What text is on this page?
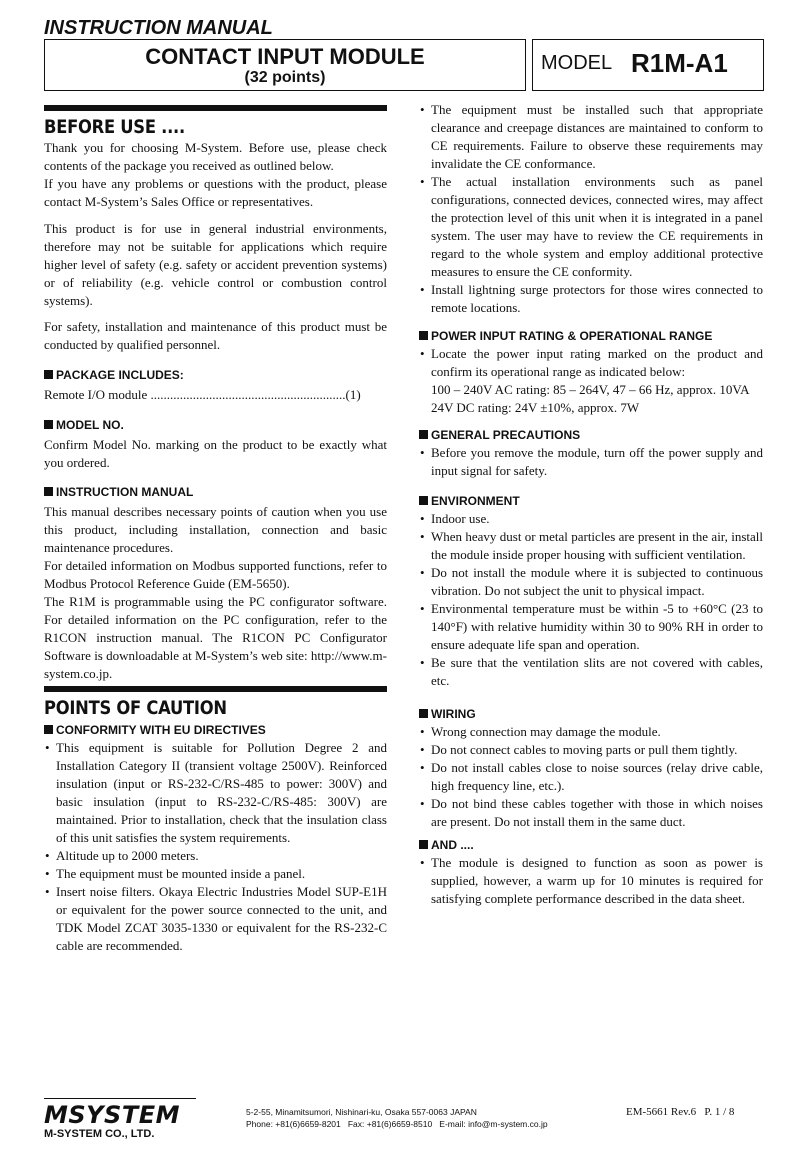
INSTRUCTION MANUAL
CONTACT INPUT MODULE
(32 points)
MODEL R1M-A1
BEFORE USE ....

Thank you for choosing M-System. Before use, please check contents of the package you received as outlined below.

If you have any problems or questions with the product, please contact M-System’s Sales Office or representatives.

This product is for use in general industrial environments, therefore may not be suitable for applications which require higher level of safety (e.g. safety or accident prevention systems) or of reliability (e.g. vehicle control or combustion control systems).

For safety, installation and maintenance of this product must be conducted by qualified personnel.

PACKAGE INCLUDES:

Remote I/O module ............................................................(1)

MODEL NO.

Confirm Model No. marking on the product to be exactly what you ordered.

INSTRUCTION MANUAL

This manual describes necessary points of caution when you use this product, including installation, connection and basic maintenance procedures.

For detailed information on Modbus supported functions, refer to Modbus Protocol Reference Guide (EM-5650).

The R1M is programmable using the PC configurator software. For detailed information on the PC configuration, refer to the R1CON instruction manual. The R1CON PC Configurator Software is downloadable at M-System’s web site: http://www.m-system.co.jp.

POINTS OF CAUTION
CONFORMITY WITH EU DIRECTIVES
• This equipment is suitable for Pollution Degree 2 and Installation Category II (transient voltage 2500V). Reinforced insulation (input or RS-232-C/RS-485 to power: 300V) and basic insulation (input to RS-232-C/RS-485: 300V) are maintained. Prior to installation, check that the insulation class of this unit satisfies the system requirements.
• Altitude up to 2000 meters.
• The equipment must be mounted inside a panel.
• Insert noise filters. Okaya Electric Industries Model SUP-E1H or equivalent for the power source connected to the unit, and TDK Model ZCAT 3035-1330 or equivalent for the RS-232-C cable are recommended.
• The equipment must be installed such that appropriate clearance and creepage distances are maintained to conform to CE requirements. Failure to observe these requirements may invalidate the CE conformance.
• The actual installation environments such as panel configurations, connected devices, connected wires, may affect the protection level of this unit when it is integrated in a panel system. The user may have to review the CE requirements in regard to the whole system and employ additional protective measures to ensure the CE conformity.
• Install lightning surge protectors for those wires connected to remote locations.
POWER INPUT RATING & OPERATIONAL RANGE
• Locate the power input rating marked on the product and confirm its operational range as indicated below:

100 – 240V AC rating: 85 – 264V, 47 – 66 Hz, approx. 10VA

24V DC rating: 24V ±10%, approx. 7W

GENERAL PRECAUTIONS
• Before you remove the module, turn off the power supply and input signal for safety.
ENVIRONMENT
• Indoor use.
• When heavy dust or metal particles are present in the air, install the module inside proper housing with sufficient ventilation.
• Do not install the module where it is subjected to continuous vibration. Do not subject the unit to physical impact.
• Environmental temperature must be within -5 to +60°C (23 to 140°F) with relative humidity within 30 to 90% RH in order to ensure adequate life span and operation.
• Be sure that the ventilation slits are not covered with cables, etc.
WIRING
• Wrong connection may damage the module.
• Do not connect cables to moving parts or pull them tightly.
• Do not install cables close to noise sources (relay drive cable, high frequency line, etc.).
• Do not bind these cables together with those in which noises are present. Do not install them in the same duct.
AND ....
• The module is designed to function as soon as power is supplied, however, a warm up for 10 minutes is required for satisfying complete performance described in the data sheet.
MSYSTEM
M-SYSTEM CO., LTD.
5-2-55, Minamitsumori, Nishinari-ku, Osaka 557-0063 JAPAN
Phone: +81(6)6659-8201   Fax: +81(6)6659-8510   E-mail: info@m-system.co.jp
EM-5661 Rev.6   P. 1 / 8
